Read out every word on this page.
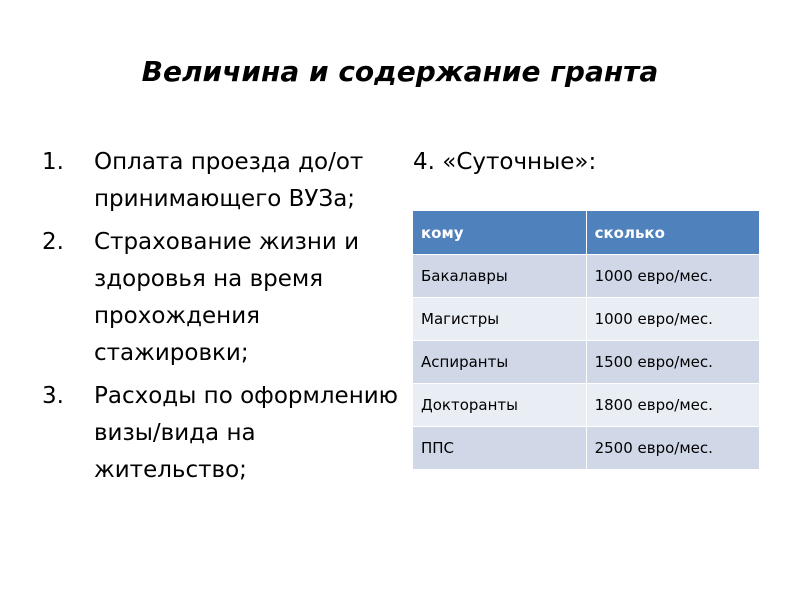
Величина и содержание гранта
1.	Оплата проезда до/от принимающего ВУЗа;
2.	Страхование жизни и здоровья на время прохождения стажировки;
3.	Расходы по оформлению визы/вида на жительство;

4. «Суточные»:

кому	сколько
Бакалавры	1000 евро/мес.
Магистры	1000 евро/мес.
Аспиранты	1500 евро/мес.
Докторанты	1800 евро/мес.
ППС	2500 евро/мес.
